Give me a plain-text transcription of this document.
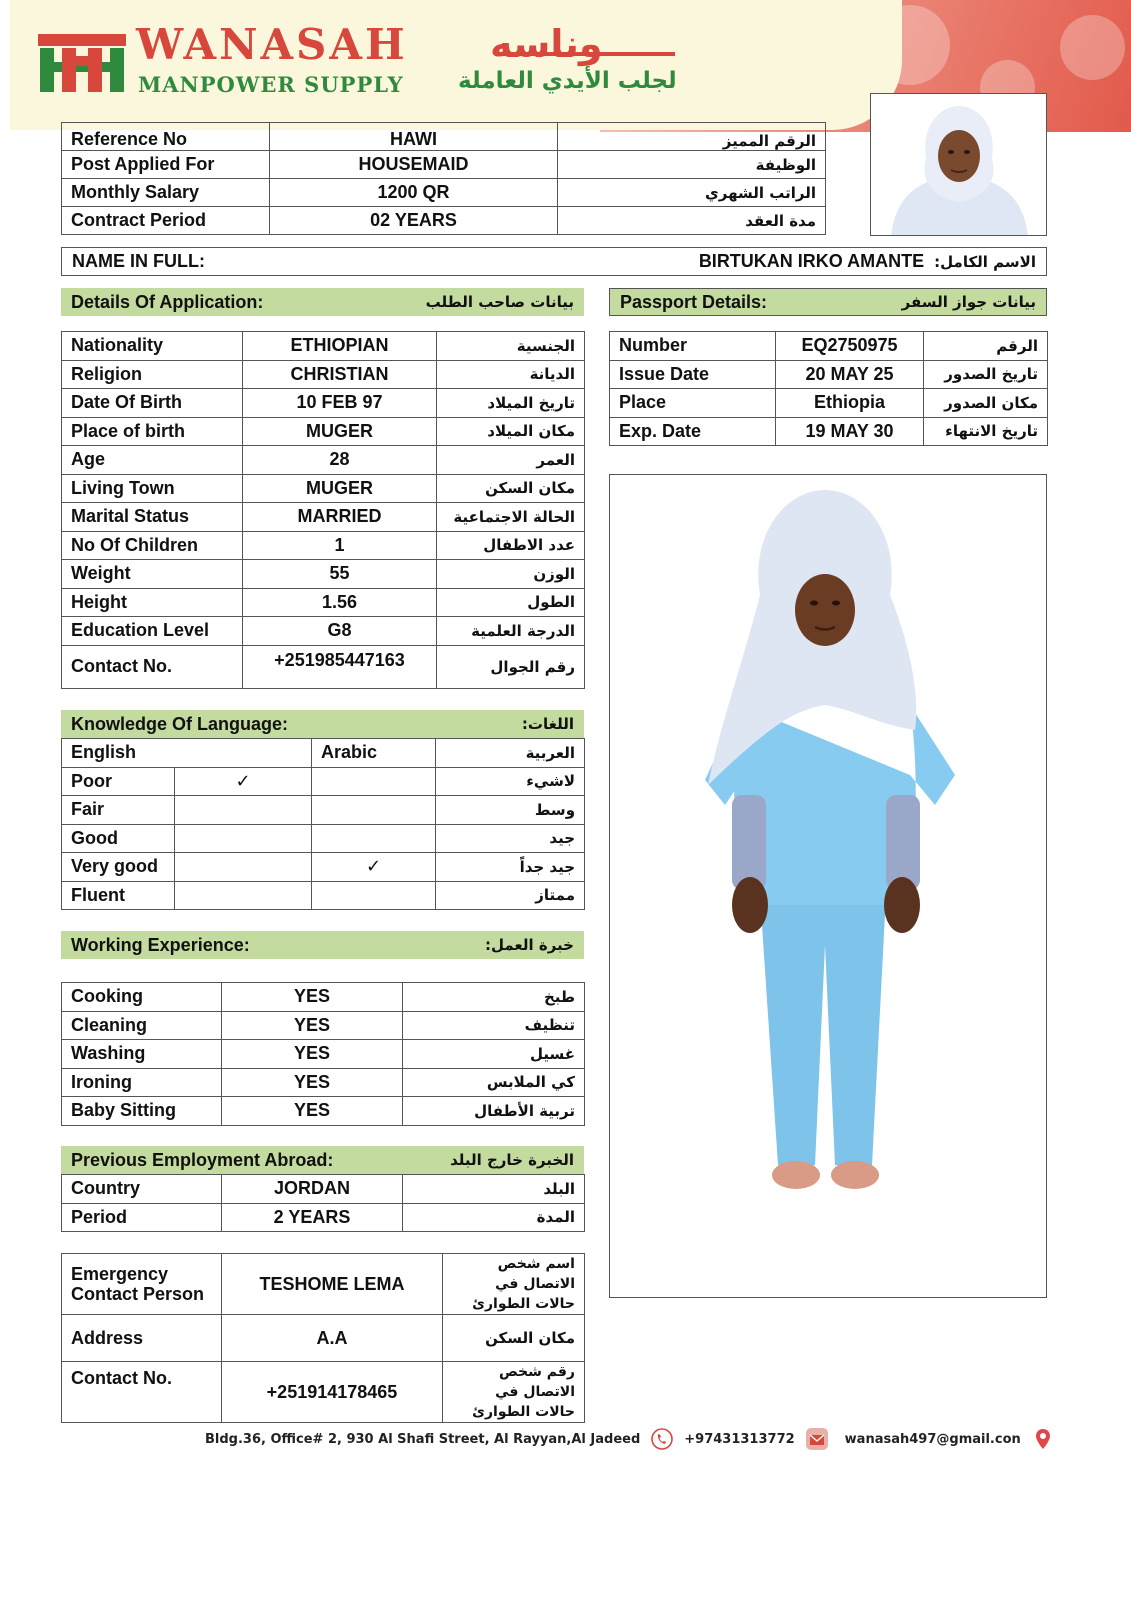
WANASAH وناسه
MANPOWER SUPPLY لجلب الأيدي العاملة
Reference No	HAWI	الرقم المميز
Post Applied For	HOUSEMAID	الوظيفة
Monthly Salary	1200 QR	الراتب الشهري
Contract Period	02 YEARS	مدة العقد
NAME IN FULL:	BIRTUKAN IRKO AMANTE الاسم الكامل:
Details Of Application:	بيانات صاحب الطلب
Nationality	ETHIOPIAN	الجنسية
Religion	CHRISTIAN	الديانة
Date Of Birth	10 FEB 97	تاريخ الميلاد
Place of birth	MUGER	مكان الميلاد
Age	28	العمر
Living Town	MUGER	مكان السكن
Marital Status	MARRIED	الحالة الاجتماعية
No Of Children	1	عدد الاطفال
Weight	55	الوزن
Height	1.56	الطول
Education Level	G8	الدرجة العلمية
Contact No.	+251985447163	رقم الجوال
Passport Details:	بيانات جواز السفر
Number	EQ2750975	الرقم
Issue Date	20 MAY 25	تاريخ الصدور
Place	Ethiopia	مكان الصدور
Exp. Date	19 MAY 30	تاريخ الانتهاء
Knowledge Of Language:	اللغات:
English		Arabic	العربية
Poor	✓		لاشيء
Fair			وسط
Good			جيد
Very good		✓	جيد جداً
Fluent			ممتاز
Working Experience:	خبرة العمل:
Cooking	YES	طبخ
Cleaning	YES	تنظيف
Washing	YES	غسيل
Ironing	YES	كي الملابس
Baby Sitting	YES	تربية الأطفال
Previous Employment Abroad:	الخبرة خارج البلد
Country	JORDAN	البلد
Period	2 YEARS	المدة
Emergency Contact Person	TESHOME LEMA	اسم شخص الاتصال في حالات الطوارئ
Address	A.A	مكان السكن
Contact No.	+251914178465	رقم شخص الاتصال في حالات الطوارئ
Bldg.36, Office# 2, 930 Al Shafi Street, Al Rayyan,Al Jadeed	+97431313772	wanasah497@gmail.con
